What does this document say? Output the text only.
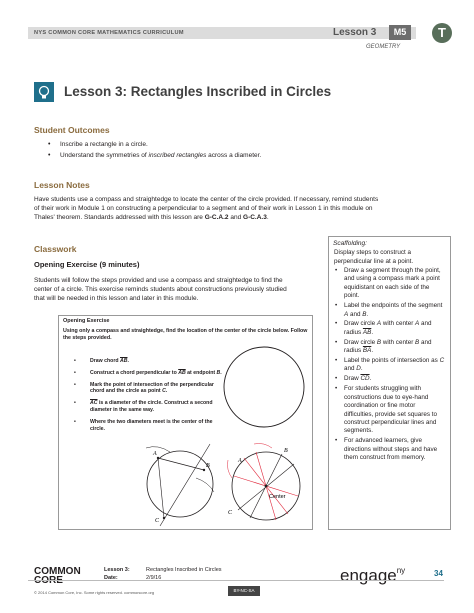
NYS COMMON CORE MATHEMATICS CURRICULUM	Lesson 3	M5
GEOMETRY
T
Lesson 3: Rectangles Inscribed in Circles
Student Outcomes
• Inscribe a rectangle in a circle.
• Understand the symmetries of inscribed rectangles across a diameter.
Lesson Notes
Have students use a compass and straightedge to locate the center of the circle provided. If necessary, remind students
of their work in Module 1 on constructing a perpendicular to a segment and of their work in Lesson 1 in this module on
Thales' theorem. Standards addressed with this lesson are G-C.A.2 and G-C.A.3.
Classwork
Opening Exercise (9 minutes)
Students will follow the steps provided and use a compass and straightedge to find the
center of a circle. This exercise reminds students about constructions previously studied
that will be needed in this lesson and later in this module.
Scaffolding:
Display steps to construct a perpendicular line at a point.
• Draw a segment through the point, and using a compass mark a point equidistant on each side of the point.
• Label the endpoints of the segment A and B.
• Draw circle A with center A and radius $\overline{AB}$.
• Draw circle B with center B and radius $\overline{BA}$.
• Label the points of intersection as C and D.
• Draw $\overline{CD}$.
• For students struggling with constructions due to eye-hand coordination or fine motor difficulties, provide set squares to construct perpendicular lines and segments.
• For advanced learners, give directions without steps and have them construct from memory.
Opening Exercise
Using only a compass and straightedge, find the location of the center of the circle below. Follow
the steps provided.
• Draw chord $\overline{AB}$.
• Construct a chord perpendicular to $\overline{AB}$ at endpoint B.
• Mark the point of intersection of the perpendicular chord and the circle as point C.
• $\overline{AC}$ is a diameter of the circle. Construct a second diameter in the same way.
• Where the two diameters meet is the center of the circle.
A
B
C
Center
A
B
C
COMMON
CORE
Lesson 3:
Date:
Rectangles Inscribed in Circles
2/9/16	engage$^{ny}$	34
© 2014 Common Core, Inc. Some rights reserved. commoncore.org	BY-NC-SA
